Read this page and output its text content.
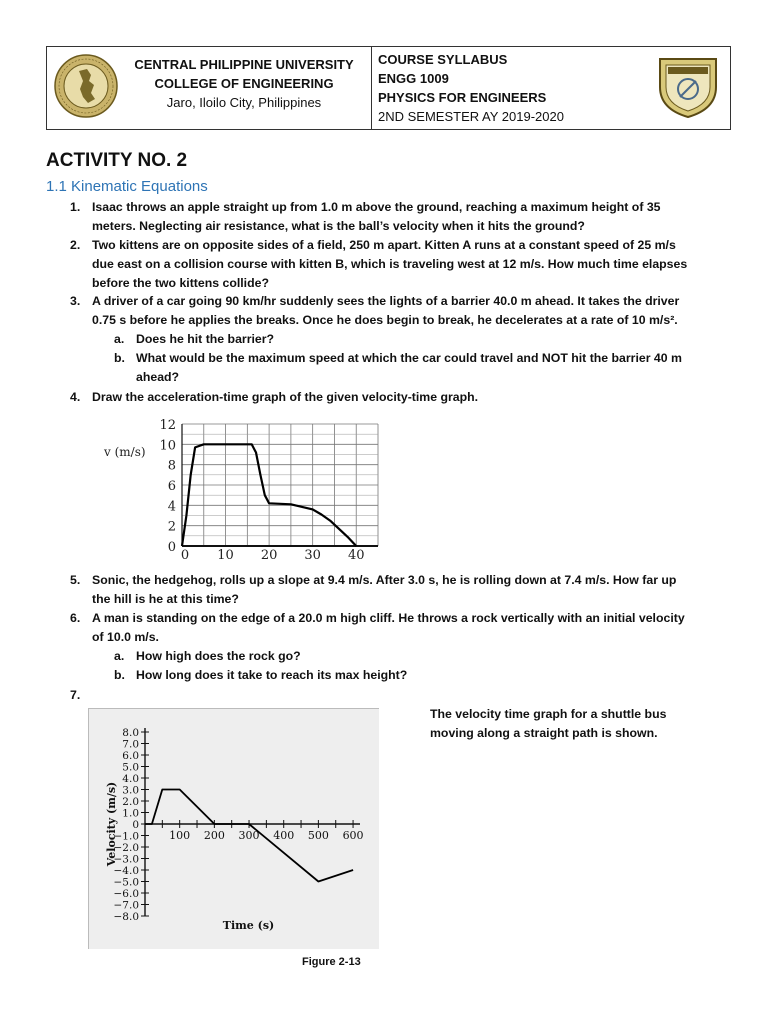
CENTRAL PHILIPPINE UNIVERSITY
COLLEGE OF ENGINEERING
Jaro, Iloilo City, Philippines
COURSE SYLLABUS
ENGG 1009
PHYSICS FOR ENGINEERS
2ND SEMESTER AY 2019-2020
ACTIVITY NO. 2
1.1 Kinematic Equations
1. Isaac throws an apple straight up from 1.0 m above the ground, reaching a maximum height of 35
meters. Neglecting air resistance, what is the ball’s velocity when it hits the ground?
2. Two kittens are on opposite sides of a field, 250 m apart. Kitten A runs at a constant speed of 25 m/s
due east on a collision course with kitten B, which is traveling west at 12 m/s. How much time elapses
before the two kittens collide?
3. A driver of a car going 90 km/hr suddenly sees the lights of a barrier 40.0 m ahead. It takes the driver
0.75 s before he applies the breaks. Once he does begin to break, he decelerates at a rate of 10 m/s².
a. Does he hit the barrier?
b. What would be the maximum speed at which the car could travel and NOT hit the barrier 40 m
ahead?
4. Draw the acceleration-time graph of the given velocity-time graph.
0
2
4
6
8
10
12
0 10 20 30 40
v (m/s)
5. Sonic, the hedgehog, rolls up a slope at 9.4 m/s. After 3.0 s, he is rolling down at 7.4 m/s. How far up
the hill is he at this time?
6. A man is standing on the edge of a 20.0 m high cliff. He throws a rock vertically with an initial velocity
of 10.0 m/s.
a. How high does the rock go?
b. How long does it take to reach its max height?
7.
8.0
7.0
6.0
5.0
4.0
3.0
2.0
1.0
0
−1.0
−2.0
−3.0
−4.0
−5.0
−6.0
−7.0
−8.0
100 200 300 400 500 600
Velocity (m/s)
Time (s)
Figure 2-13
The velocity time graph for a shuttle bus
moving along a straight path is shown.
